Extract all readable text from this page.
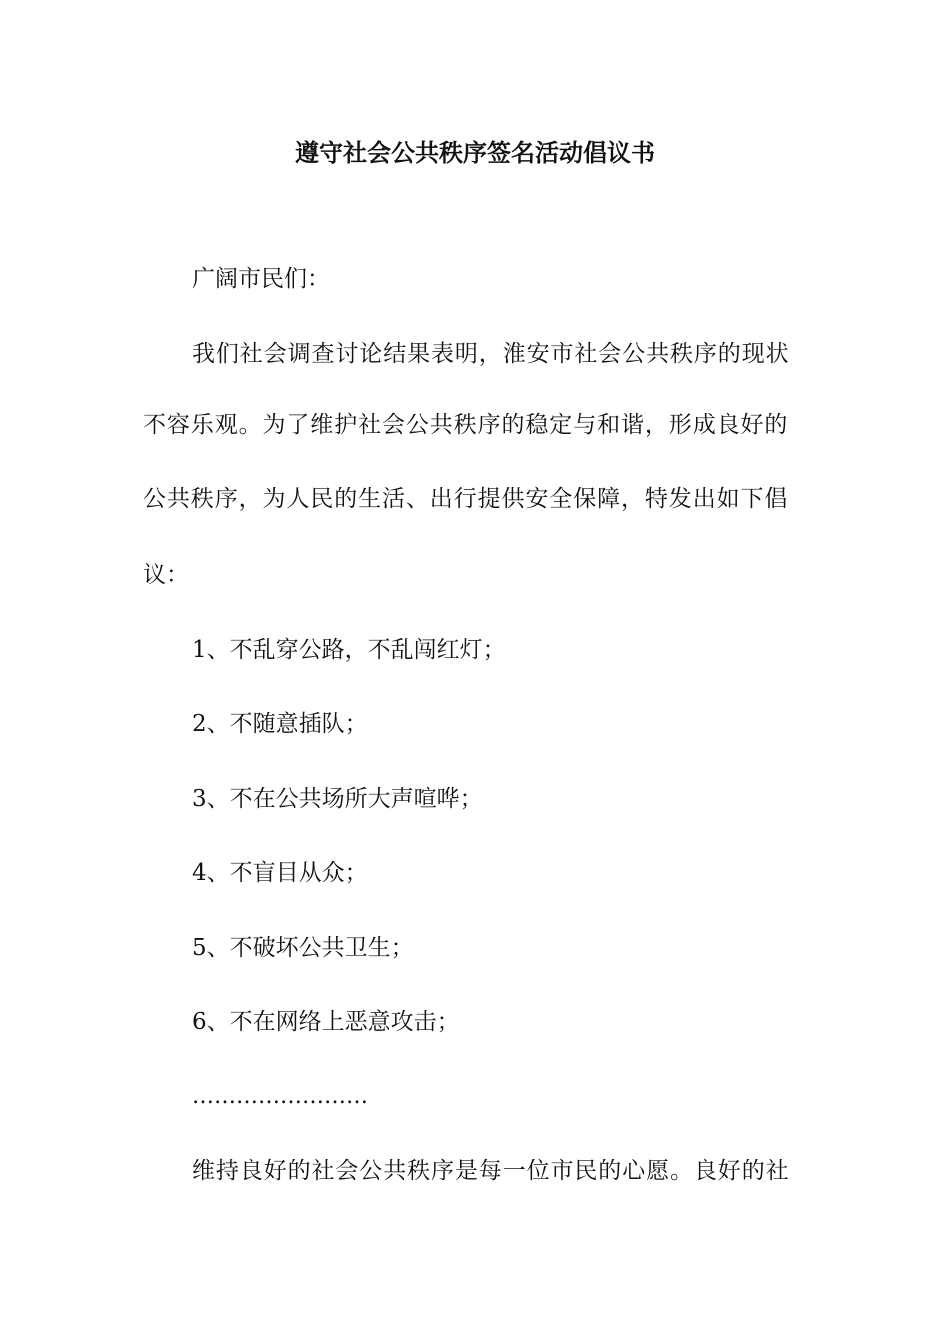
遵守社会公共秩序签名活动倡议书
广阔市民们：
我们社会调查讨论结果表明，淮安市社会公共秩序的现状
不容乐观。为了维护社会公共秩序的稳定与和谐，形成良好的
公共秩序，为人民的生活、出行提供安全保障，特发出如下倡
议：
1、不乱穿公路，不乱闯红灯；
2、不随意插队；
3、不在公共场所大声喧哗；
4、不盲目从众；
5、不破坏公共卫生；
6、不在网络上恶意攻击；
……………………
维持良好的社会公共秩序是每一位市民的心愿。良好的社
